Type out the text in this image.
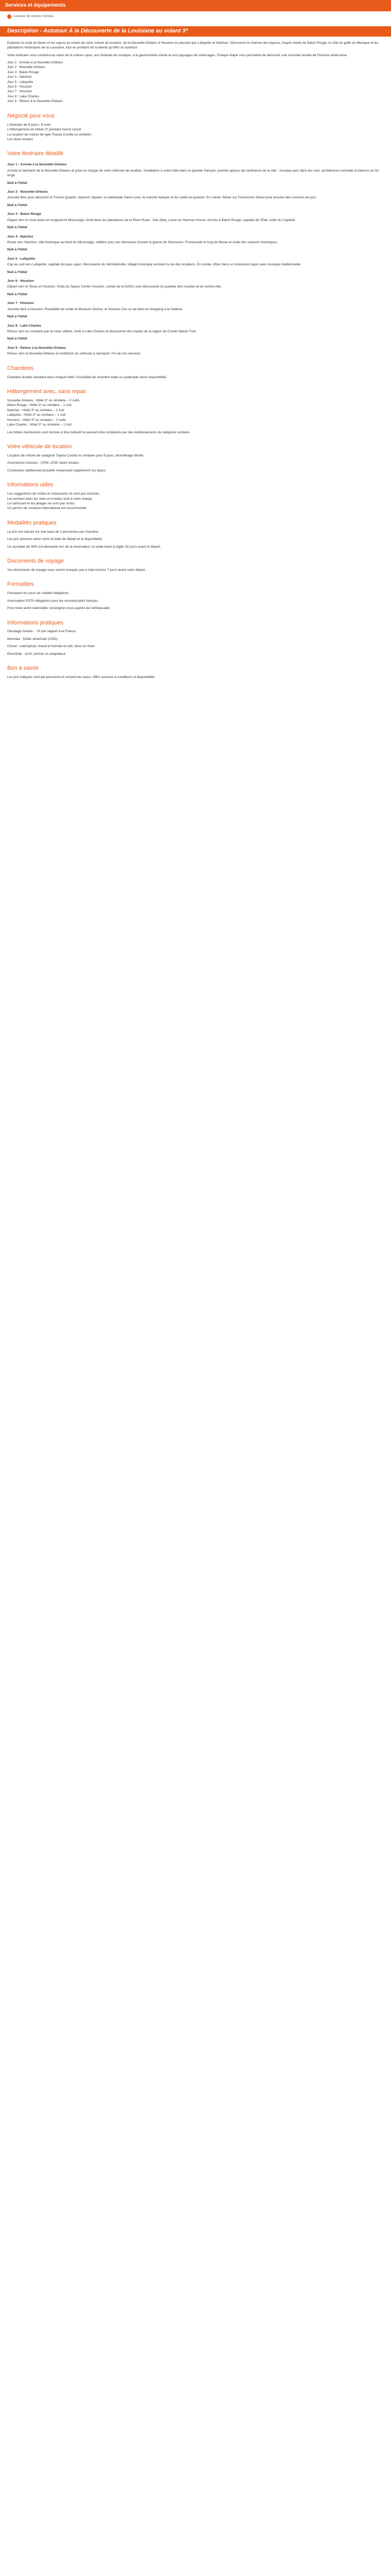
Services et équipements
Localiser de voilures Ventoux
Description - Autotour À la Découverte de la Louisiane au volant 3*

Explorez la route du blues et les cajuns au volant de votre voiture de location, de la Nouvelle-Orléans à Houston en passant par Lafayette et Natchez. Découvrez le charme des bayous, l'esprit créole de Baton Rouge, la côte du golfe du Mexique et les plantations historiques de la Louisiane, tout en profitant de la liberté qu'offre un autotour.

Votre itinéraire vous conduira au cœur de la culture cajun, aux festivals de musique, à la gastronomie créole et aux paysages de marécages. Chaque étape vous permettra de découvrir une nouvelle facette de l'histoire américaine.

Jour 1 : Arrivée à la Nouvelle-Orléans
Jour 2 : Nouvelle-Orléans
Jour 3 : Baton Rouge
Jour 4 : Natchez
Jour 5 : Lafayette
Jour 6 : Houston
Jour 7 : Houston
Jour 8 : Lake Charles
Jour 9 : Retour à la Nouvelle-Orléans
Négocié pour vous
L'itinéraire de 9 jours / 8 nuits
L'hébergement en hôtels 3* pendant tout le circuit
La location de voiture de type Toyota Corolla ou similaire
Les taxes locales
Votre itinéraire détaillé
Jour 1 - Arrivée à la Nouvelle-Orléans

Arrivée à l'aéroport de la Nouvelle-Orléans et prise en charge de votre véhicule de location. Installation à votre hôtel dans le quartier français, premier aperçu de l'ambiance de la ville : musique jazz dans les rues, architecture coloniale et balcons en fer forgé.

Nuit à l'hôtel

Jour 2 - Nouvelle-Orléans

Journée libre pour découvrir le French Quarter, Jackson Square, la cathédrale Saint-Louis, le marché français et les cafés du quartier. En soirée, flânez sur Frenchmen Street pour écouter des concerts de jazz.

Nuit à l'hôtel

Jour 3 - Baton Rouge

Départ vers le nord-ouest en longeant le Mississippi. Arrêt dans les plantations de la River Road : Oak Alley, Laura ou Houmas House. Arrivée à Baton Rouge, capitale de l'État, visite du Capitole.

Nuit à l'hôtel

Jour 4 - Natchez

Route vers Natchez, ville historique au bord du Mississippi, célèbre pour ses demeures d'avant la guerre de Sécession. Promenade le long du fleuve et visite des maisons historiques.

Nuit à l'hôtel

Jour 5 - Lafayette

Cap au sud vers Lafayette, capitale du pays cajun. Découverte du Vermilionville, village historique recréant la vie des Acadiens. En soirée, dîner dans un restaurant cajun avec musique traditionnelle.

Nuit à l'hôtel

Jour 6 - Houston

Départ vers le Texas et Houston. Visite du Space Center Houston, centre de la NASA, puis découverte du quartier des musées et du centre-ville.

Nuit à l'hôtel

Jour 7 - Houston

Journée libre à Houston. Possibilité de visiter le Museum District, le Houston Zoo ou de faire du shopping à la Galleria.

Nuit à l'hôtel

Jour 8 - Lake Charles

Retour vers la Louisiane par la route côtière. Arrêt à Lake Charles et découverte des marais de la région de Creole Nature Trail.

Nuit à l'hôtel

Jour 9 - Retour à la Nouvelle-Orléans

Retour vers la Nouvelle-Orléans et restitution du véhicule à l'aéroport. Fin de nos services.

Chambres

Chambre double standard dans chaque hôtel. Possibilité de chambre triple ou quadruple selon disponibilité.

Hébergement avec, sans repas
Nouvelle-Orléans : Hôtel 3* ou similaire – 2 nuits
Baton Rouge : Hôtel 3* ou similaire – 1 nuit
Natchez : Hôtel 3* ou similaire – 1 nuit
Lafayette : Hôtel 3* ou similaire – 1 nuit
Houston : Hôtel 3* ou similaire – 2 nuits
Lake Charles : Hôtel 3* ou similaire – 1 nuit

Les hôtels mentionnés sont donnés à titre indicatif et peuvent être remplacés par des établissements de catégorie similaire.

Votre véhicule de location

Location de voiture de catégorie Toyota Corolla ou similaire pour 9 jours, kilométrage illimité.

Assurances incluses : CDW, LDW, taxes locales.

Conducteur additionnel possible moyennant supplément sur place.

Informations utiles
Les suggestions de visites et restaurants ne sont pas incluses.
Les entrées dans les sites et musées sont à votre charge.
Le carburant et les péages ne sont pas inclus.
Un permis de conduire international est recommandé.
Modalités pratiques

Le prix est calculé sur une base de 2 personnes par chambre.

Les prix peuvent varier selon la date de départ et la disponibilité.

Un acompte de 30% est demandé lors de la réservation, le solde étant à régler 30 jours avant le départ.

Documents de voyage

Vos documents de voyage vous seront envoyés par e-mail environ 7 jours avant votre départ.

Formalités

Passeport en cours de validité obligatoire.

Autorisation ESTA obligatoire pour les ressortissants français.

Pour toute autre nationalité, renseignez-vous auprès de l'ambassade.

Informations pratiques

Décalage horaire : -7h par rapport à la France.

Monnaie : Dollar américain (USD).

Climat : subtropical, chaud et humide en été, doux en hiver.

Électricité : 110V, prévoir un adaptateur.

Bon à savoir

Les prix indiqués sont par personne et incluent les taxes. Offre soumise à conditions et disponibilité.
